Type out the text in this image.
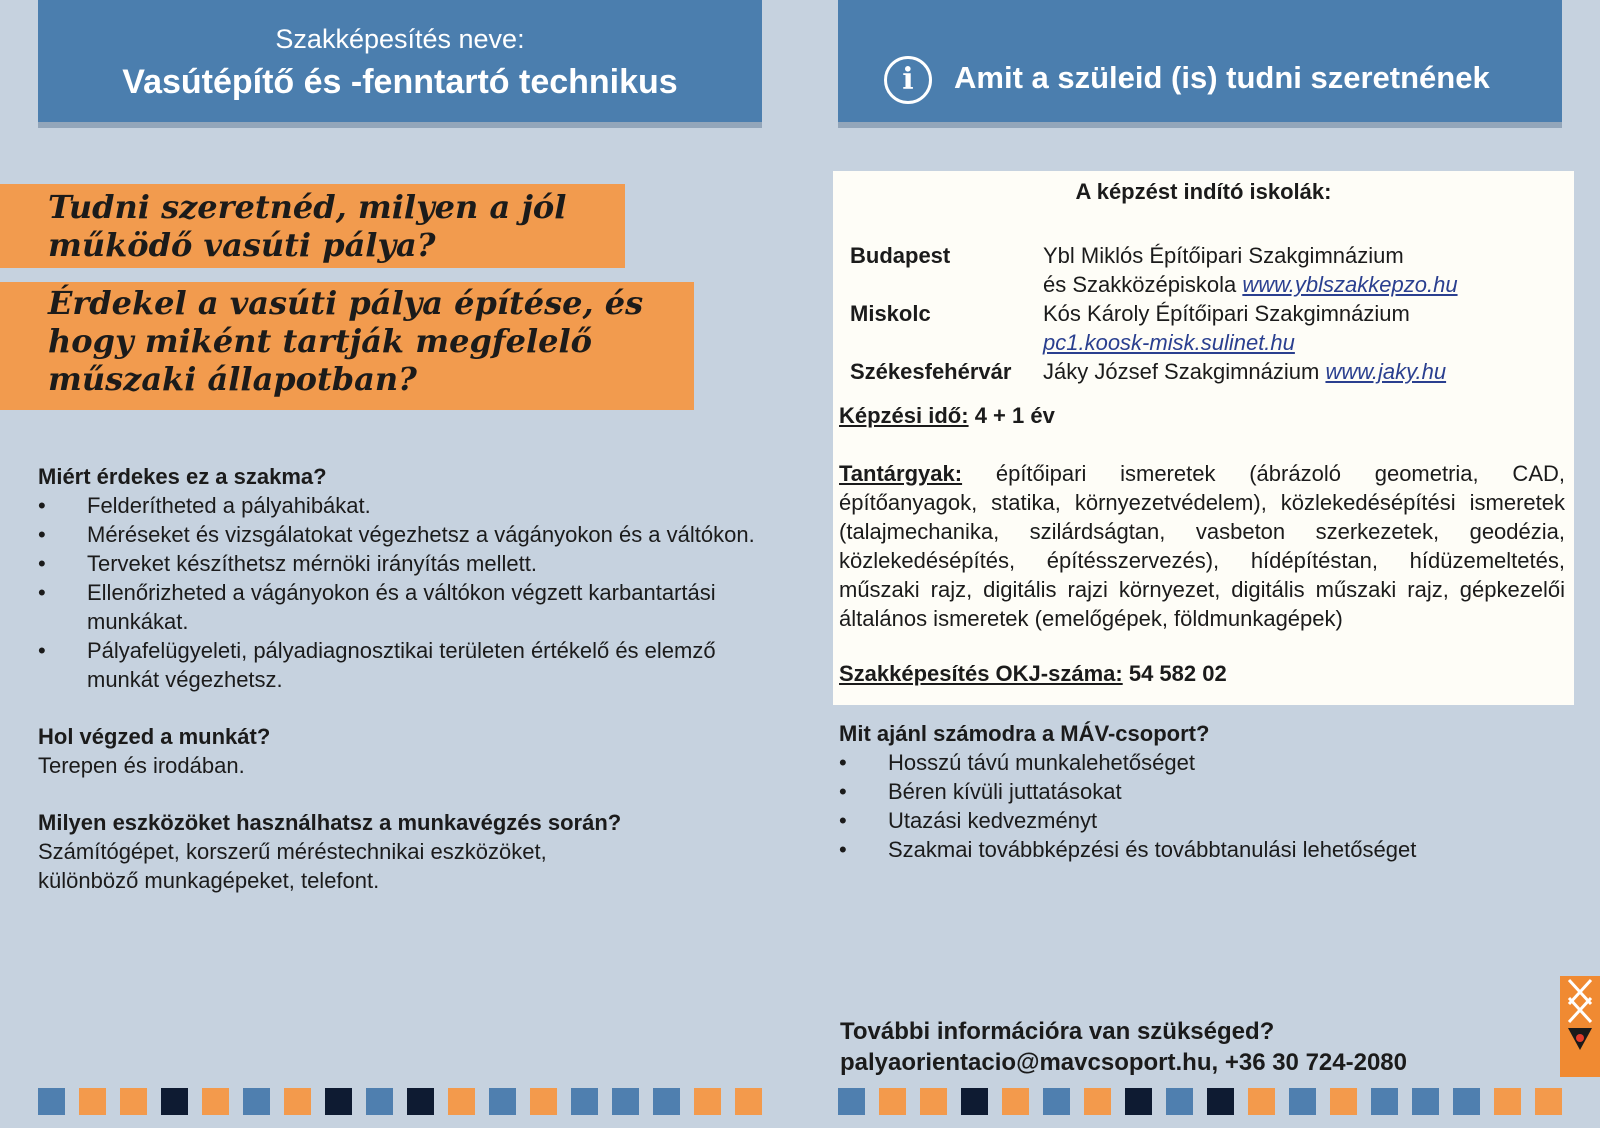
Szakképesítés neve:
Vasútépítő és -fenntartó technikus	i	Amit a szüleid (is) tudni szeretnének
Tudni szeretnéd, milyen a jól
működő vasúti pálya?
Érdekel a vasúti pálya építése, és
hogy miként tartják megfelelő
műszaki állapotban?
Miért érdekes ez a szakma?
• Felderítheted a pályahibákat.
• Méréseket és vizsgálatokat végezhetsz a vágányokon és a váltókon.
• Terveket készíthetsz mérnöki irányítás mellett.
• Ellenőrizheted a vágányokon és a váltókon végzett karbantartási munkákat.
• Pályafelügyeleti, pályadiagnosztikai területen értékelő és elemző munkát végezhetsz.
Hol végzed a munkát?
Terepen és irodában.
Milyen eszközöket használhatsz a munkavégzés során?
Számítógépet, korszerű méréstechnikai eszközöket,
különböző munkagépeket, telefont.
A képzést indító iskolák:
Budapest	Ybl Miklós Építőipari Szakgimnázium
és Szakközépiskola www.yblszakkepzo.hu
Miskolc	Kós Károly Építőipari Szakgimnázium
pc1.koosk-misk.sulinet.hu
Székesfehérvár	Jáky József Szakgimnázium www.jaky.hu
Képzési idő: 4 + 1 év
Tantárgyak: építőipari ismeretek (ábrázoló geometria, CAD, építőanyagok, statika, környezetvédelem), közlekedésépítési ismeretek (talajmechanika, szilárdságtan, vasbeton szerkezetek, geodézia, közlekedésépítés, építésszervezés), hídépítéstan, hídüzemeltetés, műszaki rajz, digitális rajzi környezet, digitális műszaki rajz, gépkezelői általános ismeretek (emelőgépek, földmunkagépek)
Szakképesítés OKJ-száma: 54 582 02
Mit ajánl számodra a MÁV-csoport?
• Hosszú távú munkalehetőséget
• Béren kívüli juttatásokat
• Utazási kedvezményt
• Szakmai továbbképzési és továbbtanulási lehetőséget
További információra van szükséged?
palyaorientacio@mavcsoport.hu, +36 30 724-2080
